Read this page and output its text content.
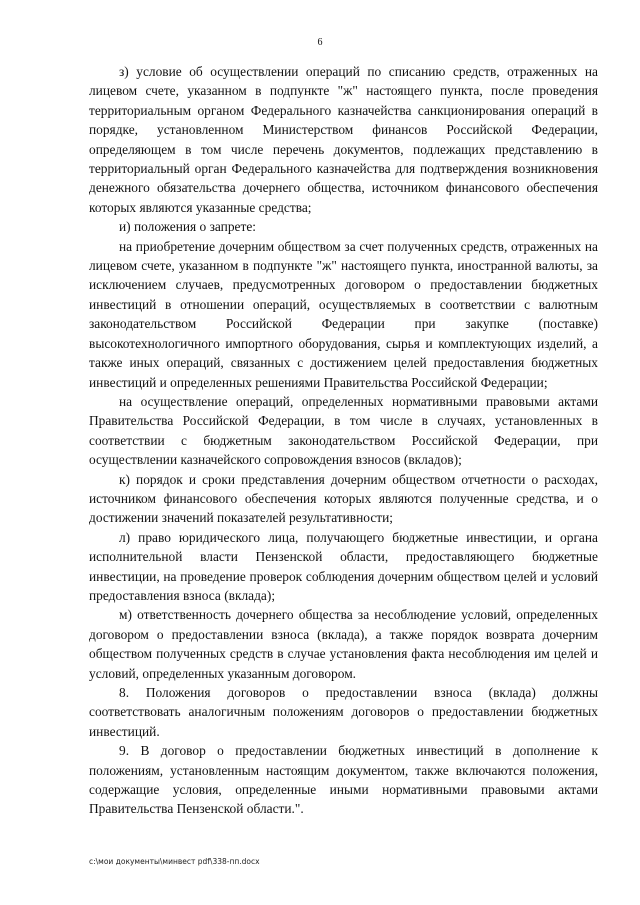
6

з) условие об осуществлении операций по списанию средств, отраженных на лицевом счете, указанном в подпункте "ж" настоящего пункта, после проведения территориальным органом Федерального казначейства санкционирования операций в порядке, установленном Министерством финансов Российской Федерации, определяющем в том числе перечень документов, подлежащих представлению в территориальный орган Федерального казначейства для подтверждения возникновения денежного обязательства дочернего общества, источником финансового обеспечения которых являются указанные средства;

и) положения о запрете:

на приобретение дочерним обществом за счет полученных средств, отраженных на лицевом счете, указанном в подпункте "ж" настоящего пункта, иностранной валюты, за исключением случаев, предусмотренных договором о предоставлении бюджетных инвестиций в отношении операций, осуществляемых в соответствии с валютным законодательством Российской Федерации при закупке (поставке) высокотехнологичного импортного оборудования, сырья и комплектующих изделий, а также иных операций, связанных с достижением целей предоставления бюджетных инвестиций и определенных решениями Правительства Российской Федерации;

на осуществление операций, определенных нормативными правовыми актами Правительства Российской Федерации, в том числе в случаях, установленных в соответствии с бюджетным законодательством Российской Федерации, при осуществлении казначейского сопровождения взносов (вкладов);

к) порядок и сроки представления дочерним обществом отчетности о расходах, источником финансового обеспечения которых являются полученные средства, и о достижении значений показателей результативности;

л) право юридического лица, получающего бюджетные инвестиции, и органа исполнительной власти Пензенской области, предоставляющего бюджетные инвестиции, на проведение проверок соблюдения дочерним обществом целей и условий предоставления взноса (вклада);

м) ответственность дочернего общества за несоблюдение условий, определенных договором о предоставлении взноса (вклада), а также порядок возврата дочерним обществом полученных средств в случае установления факта несоблюдения им целей и условий, определенных указанным договором.

8. Положения договоров о предоставлении взноса (вклада) должны соответствовать аналогичным положениям договоров о предоставлении бюджетных инвестиций.

9. В договор о предоставлении бюджетных инвестиций в дополнение к положениям, установленным настоящим документом, также включаются положения, содержащие условия, определенные иными нормативными правовыми актами Правительства Пензенской области.".

c:\мои документы\минвест pdf\338-пп.docx
